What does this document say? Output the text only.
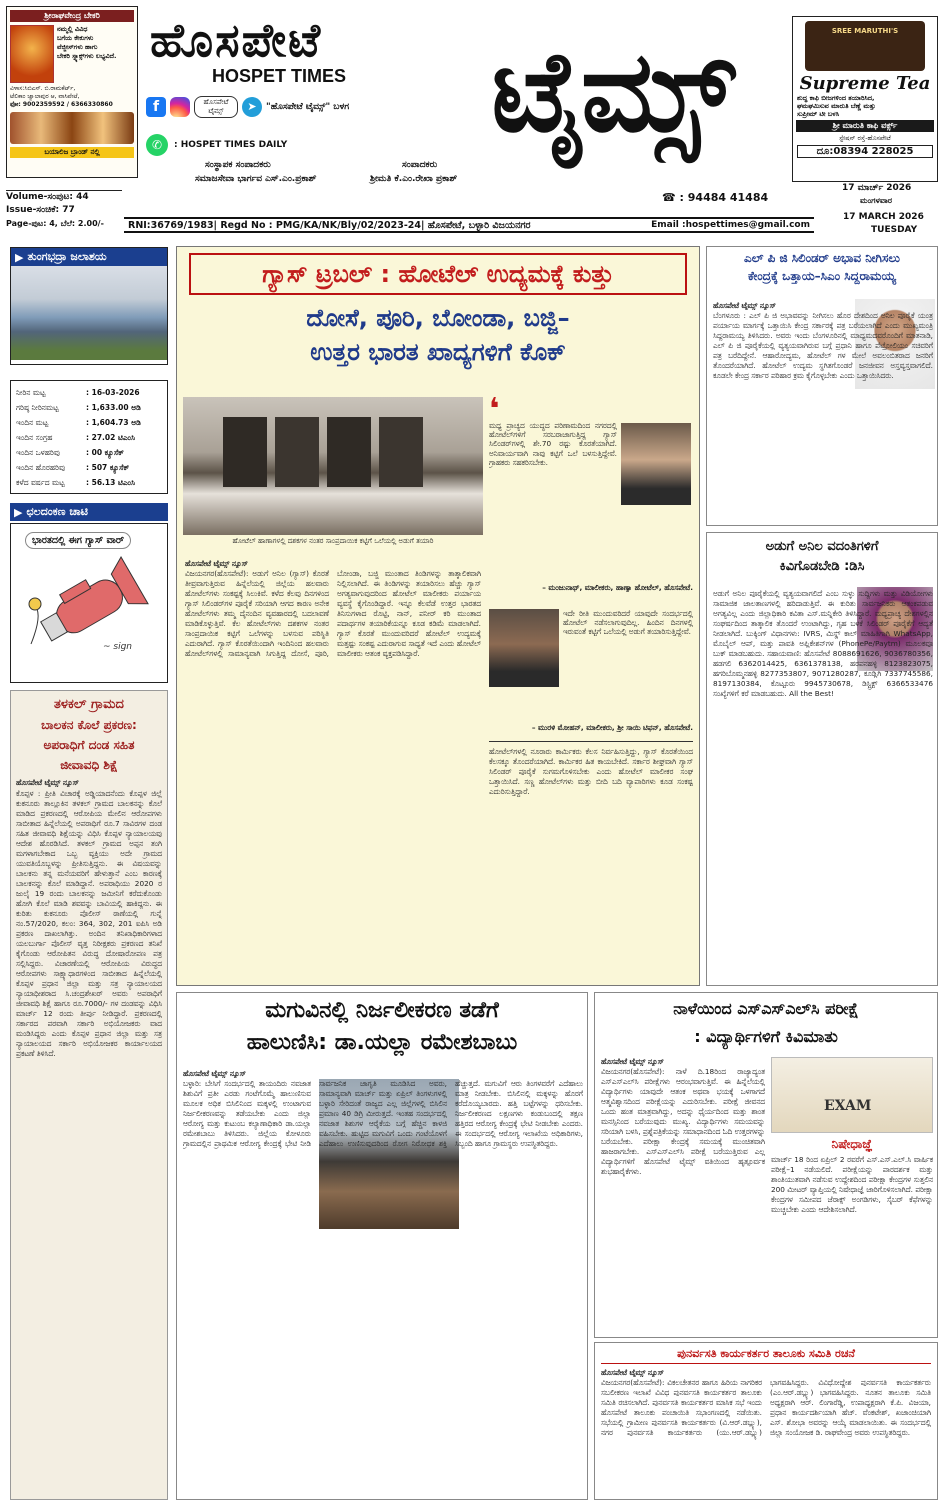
ಶ್ರೀರಾಘವೇಂದ್ರ ಬೇಕರಿ
ನಮ್ಮಲ್ಲಿ ವಿವಿಧ
ಬಗೆಯ ಕೇಕುಗಳು
ವೆಜ್ಜೀಸ್‌ಗಳು ಹಾಗು
ಬೇಕರಿ ಸ್ನ್ಯಾಕ್ಸ್‌ಗಳು ಲಭ್ಯವಿದೆ.
ವಿಳಾಸ:ಸಿಬಿಎಸ್. ಬಿ.ರಾಮಕೆರ್ಟ್,
ಟೆಲಿಕಾಂ ಜ್ವಾಲಾಪುರ ಆ, ವಾಸಿಪೇಟೆ,
ಫೋ: 9002359592 / 6366330860
ಬಯಾಲಿಜ ಬ್ರಾಂಡ್ ನಲ್ಲಿ
ಹೊಸಪೇಟೆ
HOSPET TIMES	ಟೈಮ್ಸ್
f	ಹೊಸಪೇಟೆ ಟೈಮ್ಸ್	➤	"ಹೊಸಪೇಟೆ ಟೈಮ್ಸ್" ಬಳಗ
✆	: HOSPET TIMES DAILY
ಸಂಸ್ಥಾಪಕ ಸಂಪಾದಕರು
ಸಮಾಜಸೇವಾ ಭಾರ್ಗವ ಎಸ್.ಎಂ.ಪ್ರಕಾಶ್
ಸಂಪಾದಕರು
ಶ್ರೀಮತಿ ಕೆ.ಎಂ.ರೇಖಾ ಪ್ರಕಾಶ್
☎ : 94484 41484
SREE MARUTHI'S
Supreme Tea
ಶುದ್ಧ ಕಾಫಿ ಬೀಜಗಳಿಂದ ತಯಾರಿಸಿದ,
ಘಮಘಮಿಸುವ ಮಾರುತಿ ಬೆಣ್ಣೆ ಮತ್ತು
ಸುಪ್ರೀಮ್ ಟೀ ಬಳಸಿ
ಶ್ರೀ ಮಾರುತಿ ಕಾಫಿ ವರ್ಕ್ಸ್
ಸ್ಟೇಷನ್ ರಸ್ತೆ-ಹೊಸಪೇಟೆ
ದೂ:08394 228025
17 ಮಾರ್ಚ್ 2026
ಮಂಗಳವಾರ
Volume-ಸಂಪುಟ: 44
Issue-ಸಂಚಿಕೆ: 77
Page-ಪುಟ: 4, ಬೆಲೆ: 2.00/-	RNI:36769/1983| Regd No : PMG/KA/NK/Bly/02/2023-24| ಹೊಸಪೇಟೆ, ಬಳ್ಳಾರಿ ವಿಜಯನಗರ	Email :hospettimes@gmail.com
17 MARCH 2026
TUESDAY
▶ ತುಂಗಭದ್ರಾ ಜಲಾಶಯ
ನೀರಿನ ಮಟ್ಟ	: 16-03-2026
ಗರಿಷ್ಠ ನೀರಿನಮಟ್ಟ	: 1,633.00 ಅಡಿ
ಇಂದಿನ ಮಟ್ಟ	: 1,604.73 ಅಡಿ
ಇಂದಿನ ಸಂಗ್ರಹ	: 27.02 ಟಿಎಂಸಿ
ಇಂದಿನ ಒಳಹರಿವು	: 00 ಕ್ಯೂಸೆಕ್
ಇಂದಿನ ಹೊರಹರಿವು	: 507 ಕ್ಯೂಸೆಕ್
ಕಳೆದ ವರ್ಷದ ಮಟ್ಟ	: 56.13 ಟಿಎಂಸಿ
▶ ಛಲದಂಕಣ ಚಾಟಿ
ಭಾರತದಲ್ಲಿ ಈಗ ಗ್ಯಾಸ್ ವಾರ್
~ sign
ತಳಕಲ್ ಗ್ರಾಮದ
ಬಾಲಕನ ಕೊಲೆ ಪ್ರಕರಣ:
ಅಪರಾಧಿಗೆ ದಂಡ ಸಹಿತ
ಜೀವಾವಧಿ ಶಿಕ್ಷೆ
ಹೊಸಪೇಟೆ ಟೈಮ್ಸ್ ನ್ಯೂಸ್
ಕೊಪ್ಪಳ : ಪ್ರೀತಿ ವಿಚಾರಕ್ಕೆ ಅಡ್ಡಿಯಾದನೆಂದು ಕೊಪ್ಪಳ ಜಿಲ್ಲೆ ಕುಕನೂರು ತಾಲ್ಲೂಕಿನ ತಳಕಲ್ ಗ್ರಾಮದ ಬಾಲಕನನ್ನು ಕೊಲೆ ಮಾಡಿದ ಪ್ರಕರಣದಲ್ಲಿ ಆರೋಪಿಯ ಮೇಲಿನ ಆರೋಪಗಳು ಸಾಬೀತಾದ ಹಿನ್ನೆಲೆಯಲ್ಲಿ ಅಪರಾಧಿಗೆ ರೂ.7 ಸಾವಿರಗಳ ದಂಡ ಸಹಿತ ಜೀವಾವಧಿ ಶಿಕ್ಷೆಯನ್ನು ವಿಧಿಸಿ ಕೊಪ್ಪಳ ನ್ಯಾಯಾಲಯವು ಆದೇಶ ಹೊರಡಿಸಿದೆ. ತಳಕಲ್ ಗ್ರಾಮದ ಅಪ್ಪನ ತಂಗಿ ಮಗಳಾಗಬೇಕಾದ ಒಬ್ಬ ವ್ಯಕ್ತಿಯು ಅದೇ ಗ್ರಾಮದ ಯುವತಿಯೊಬ್ಬಳನ್ನು ಪ್ರೀತಿಸುತ್ತಿದ್ದನು. ಈ ವಿಷಯವನ್ನು ಬಾಲಕನು ತನ್ನ ಮನೆಯವರಿಗೆ ಹೇಳುತ್ತಾನೆ ಎಂಬ ಕಾರಣಕ್ಕೆ ಬಾಲಕನನ್ನು ಕೊಲೆ ಮಾಡಿದ್ದಾನೆ. ಅಪರಾಧಿಯು 2020 ರ ಜುಲೈ 19 ರಂದು ಬಾಲಕನನ್ನು ಜಮೀನಿಗೆ ಕರೆದುಕೊಂಡು ಹೋಗಿ ಕೊಲೆ ಮಾಡಿ ಶವವನ್ನು ಬಾವಿಯಲ್ಲಿ ಹಾಕಿದ್ದನು. ಈ ಕುರಿತು ಕುಕನೂರು ಪೊಲೀಸ್ ಠಾಣೆಯಲ್ಲಿ ಗುನ್ನೆ ನಂ.57/2020, ಕಲಂ: 364, 302, 201 ಐಪಿಸಿ ಅಡಿ ಪ್ರಕರಣ ದಾಖಲಾಗಿತ್ತು. ಅಂದಿನ ತನಿಖಾಧಿಕಾರಿಗಳಾದ ಯಲಬುರ್ಗಾ ಪೊಲೀಸ್ ವೃತ್ತ ನಿರೀಕ್ಷಕರು ಪ್ರಕರಣದ ತನಿಖೆ ಕೈಗೊಂಡು ಆರೋಪಿತನ ವಿರುದ್ಧ ದೋಷಾರೋಪಣ ಪತ್ರ ಸಲ್ಲಿಸಿದ್ದರು. ವಿಚಾರಣೆಯಲ್ಲಿ ಆರೋಪಿಯ ವಿರುದ್ಧದ ಆರೋಪಗಳು ಸಾಕ್ಷ್ಯಾಧಾರಗಳಿಂದ ಸಾಬೀತಾದ ಹಿನ್ನೆಲೆಯಲ್ಲಿ ಕೊಪ್ಪಳ ಪ್ರಧಾನ ಜಿಲ್ಲಾ ಮತ್ತು ಸತ್ರ ನ್ಯಾಯಾಲಯದ ನ್ಯಾಯಾಧೀಶರಾದ ಸಿ.ಚಂದ್ರಶೇಖರ್ ಅವರು ಅಪರಾಧಿಗೆ ಜೀವಾವಧಿ ಶಿಕ್ಷೆ ಹಾಗೂ ರೂ.7000/- ಗಳ ದಂಡವನ್ನು ವಿಧಿಸಿ ಮಾರ್ಚ್ 12 ರಂದು ತೀರ್ಪು ನೀಡಿದ್ದಾರೆ. ಪ್ರಕರಣದಲ್ಲಿ ಸರ್ಕಾರದ ಪರವಾಗಿ ಸರ್ಕಾರಿ ಅಭಿಯೋಜಕರು ವಾದ ಮಂಡಿಸಿದ್ದರು ಎಂದು ಕೊಪ್ಪಳ ಪ್ರಧಾನ ಜಿಲ್ಲಾ ಮತ್ತು ಸತ್ರ ನ್ಯಾಯಾಲಯದ ಸರ್ಕಾರಿ ಅಭಿಯೋಜಕರ ಕಾರ್ಯಾಲಯದ ಪ್ರಕಟಣೆ ತಿಳಿಸಿದೆ.
ಗ್ಯಾಸ್ ಟ್ರಬಲ್ : ಹೋಟೆಲ್ ಉದ್ಯಮಕ್ಕೆ ಕುತ್ತು
ದೋಸೆ, ಪೂರಿ, ಬೋಂಡಾ, ಬಜ್ಜಿ–
ಉತ್ತರ ಭಾರತ ಖಾದ್ಯಗಳಿಗೆ ಕೊಕ್
ಹೋಟೆಲ್ ಹಾಣಾಗಳಲ್ಲಿ ದಶಕಗಳ ನಂತರ ಸಾಂಪ್ರದಾಯಿಕ ಕಟ್ಟಿಗೆ ಒಲೆಯಲ್ಲಿ ಅಡುಗೆ ತಯಾರಿ
❛
ಮಧ್ಯ ಪ್ರಾಚ್ಯದ ಯುದ್ಧದ ಪರಿಣಾಮದಿಂದ ನಗರದಲ್ಲಿ ಹೋಟೆಲ್‌ಗಳಿಗೆ ಸರಬರಾಜಾಗುತ್ತಿದ್ದ ಗ್ಯಾಸ್ ಸಿಲಿಂಡರ್‌ಗಳಲ್ಲಿ ಶೇ.70 ರಷ್ಟು ಕೊರತೆಯಾಗಿದೆ. ಅನಿವಾರ್ಯವಾಗಿ ನಾವು ಕಟ್ಟಿಗೆ ಒಲೆ ಬಳಸುತ್ತಿದ್ದೇವೆ. ಗ್ರಾಹಕರು ಸಹಕರಿಸಬೇಕು.
– ಮಂಜುನಾಥ್, ಮಾಲೀಕರು, ಹಾಣ್ಯಾ ಹೋಟೆಲ್, ಹೊಸಪೇಟೆ.
ಹೊಸಪೇಟೆ ಟೈಮ್ಸ್ ನ್ಯೂಸ್
ವಿಜಯನಗರ(ಹೊಸಪೇಟೆ): ಅಡುಗೆ ಅನಿಲ (ಗ್ಯಾಸ್) ಕೊರತೆ ತೀವ್ರವಾಗುತ್ತಿರುವ ಹಿನ್ನೆಲೆಯಲ್ಲಿ ಜಿಲ್ಲೆಯ ಹಲವಾರು ಹೋಟೆಲ್‌ಗಳು ಸಂಕಷ್ಟಕ್ಕೆ ಸಿಲುಕಿವೆ. ಕಳೆದ ಕೆಲವು ದಿನಗಳಿಂದ ಗ್ಯಾಸ್ ಸಿಲಿಂಡರ್‌ಗಳ ಪೂರೈಕೆ ಸರಿಯಾಗಿ ಆಗದ ಕಾರಣ ಅನೇಕ ಹೋಟೆಲ್‌ಗಳು ತಮ್ಮ ದೈನಂದಿನ ವ್ಯವಹಾರದಲ್ಲಿ ಬದಲಾವಣೆ ಮಾಡಿಕೊಳ್ಳುತ್ತಿವೆ. ಕೆಲ ಹೋಟೆಲ್‌ಗಳು ದಶಕಗಳ ನಂತರ ಸಾಂಪ್ರದಾಯಿಕ ಕಟ್ಟಿಗೆ ಒಲೆಗಳನ್ನು ಬಳಸುವ ಪರಿಸ್ಥಿತಿ ಎದುರಾಗಿದೆ. ಗ್ಯಾಸ್ ಕೊರತೆಯಿಂದಾಗಿ ಇಂದಿನಿಂದ ಹಲವಾರು ಹೋಟೆಲ್‌ಗಳಲ್ಲಿ ಸಾಮಾನ್ಯವಾಗಿ ಸಿಗುತ್ತಿದ್ದ ದೋಸೆ, ಪೂರಿ, ಬೋಂಡಾ, ಬಜ್ಜಿ ಮುಂತಾದ ತಿಂಡಿಗಳನ್ನು ತಾತ್ಕಾಲಿಕವಾಗಿ ನಿಲ್ಲಿಸಲಾಗಿದೆ. ಈ ತಿಂಡಿಗಳನ್ನು ತಯಾರಿಸಲು ಹೆಚ್ಚು ಗ್ಯಾಸ್ ಅಗತ್ಯವಾಗುವುದರಿಂದ ಹೋಟೆಲ್ ಮಾಲೀಕರು ಪರ್ಯಾಯ ವ್ಯವಸ್ಥೆ ಕೈಗೊಂಡಿದ್ದಾರೆ. ಇನ್ನೂ ಕೆಲವೆಡೆ ಉತ್ತರ ಭಾರತದ ತಿನಿಸುಗಳಾದ ರೊಟ್ಟಿ, ನಾನ್, ಪನೀರ್ ಕರಿ ಮುಂತಾದ ಪದಾರ್ಥಗಳ ತಯಾರಿಕೆಯನ್ನೂ ಕೂಡ ಕಡಿಮೆ ಮಾಡಲಾಗಿದೆ. ಗ್ಯಾಸ್ ಕೊರತೆ ಮುಂದುವರಿದರೆ ಹೋಟೆಲ್ ಉದ್ಯಮಕ್ಕೆ ಮತ್ತಷ್ಟು ಸಂಕಷ್ಟ ಎದುರಾಗುವ ಸಾಧ್ಯತೆ ಇದೆ ಎಂದು ಹೋಟೆಲ್ ಮಾಲೀಕರು ಆತಂಕ ವ್ಯಕ್ತಪಡಿಸಿದ್ದಾರೆ.
ಇದೇ ರೀತಿ ಮುಂದುವರಿದರೆ ಯಾವುದೇ ಸಂದರ್ಭದಲ್ಲಿ ಹೋಟೆಲ್ ನಡೆಸಲಾಗುವುದಿಲ್ಲ. ಹಿಂದಿನ ದಿನಗಳಲ್ಲಿ ಇರುವಂತೆ ಕಟ್ಟಿಗೆ ಒಲೆಯಲ್ಲಿ ಅಡುಗೆ ತಯಾರಿಸುತ್ತಿದ್ದೇವೆ.
– ಮುರಳಿ ಮೋಹನ್, ಮಾಲೀಕರು, ಶ್ರೀ ಸಾಯಿ ಟಿಫನ್, ಹೊಸಪೇಟೆ.
ಹೋಟೆಲ್‌ಗಳಲ್ಲಿ ನೂರಾರು ಕಾರ್ಮಿಕರು ಕೆಲಸ ನಿರ್ವಹಿಸುತ್ತಿದ್ದು, ಗ್ಯಾಸ್ ಕೊರತೆಯಿಂದ ಕೆಲಸಕ್ಕೂ ತೊಂದರೆಯಾಗಿದೆ. ಕಾರ್ಮಿಕರ ಹಿತ ಕಾಯಬೇಕಿದೆ. ಸರ್ಕಾರ ಶೀಘ್ರವಾಗಿ ಗ್ಯಾಸ್ ಸಿಲಿಂಡರ್ ಪೂರೈಕೆ ಸುಗಮಗೊಳಿಸಬೇಕು ಎಂದು ಹೋಟೆಲ್ ಮಾಲೀಕರ ಸಂಘ ಒತ್ತಾಯಿಸಿದೆ. ಸಣ್ಣ ಹೋಟೆಲ್‌ಗಳು ಮತ್ತು ಬೀದಿ ಬದಿ ವ್ಯಾಪಾರಿಗಳು ಕೂಡ ಸಂಕಷ್ಟ ಎದುರಿಸುತ್ತಿದ್ದಾರೆ.
ಎಲ್ ಪಿ ಜಿ ಸಿಲಿಂಡರ್ ಅಭಾವ ನೀಗಿಸಲು
ಕೇಂದ್ರಕ್ಕೆ ಒತ್ತಾಯ–ಸಿಎಂ ಸಿದ್ದರಾಮಯ್ಯ
ಹೊಸಪೇಟೆ ಟೈಮ್ಸ್ ನ್ಯೂಸ್
ಬೆಂಗಳೂರು : ಎಲ್ ಪಿ ಜಿ ಅಭಾವವನ್ನು ನೀಗಿಸಲು ಹೊರ ದೇಶದಿಂದ ಅನಿಲ ಪೂರೈಕೆ ಯಂತ್ರ ಪರ್ಯಾಯ ಮಾರ್ಗಕ್ಕೆ ಒತ್ತಾಯಿಸಿ ಕೇಂದ್ರ ಸರ್ಕಾರಕ್ಕೆ ಪತ್ರ ಬರೆಯಲಾಗಿದೆ ಎಂದು ಮುಖ್ಯಮಂತ್ರಿ ಸಿದ್ದರಾಮಯ್ಯ ತಿಳಿಸಿದರು. ಅವರು ಇಂದು ಬೆಂಗಳೂರಿನಲ್ಲಿ ಮಾಧ್ಯಮದವರೊಂದಿಗೆ ಮಾತನಾಡಿ, ಎಲ್ ಪಿ ಜಿ ಪೂರೈಕೆಯಲ್ಲಿ ವ್ಯತ್ಯಯವಾಗಿರುವ ಬಗ್ಗೆ ಪ್ರಧಾನಿ ಹಾಗೂ ಪೆಟ್ರೋಲಿಯಂ ಸಚಿವರಿಗೆ ಪತ್ರ ಬರೆದಿದ್ದೇನೆ. ಆಹಾರೋದ್ಯಮ, ಹೋಟೆಲ್ ಗಳ ಮೇಲೆ ಅವಲಂಬಿತರಾದ ಜನರಿಗೆ ತೊಂದರೆಯಾಗಿದೆ. ಹೋಟೆಲ್ ಉದ್ಯಮ ಸ್ಥಗಿತಗೊಂಡರೆ ಜನಜೀವನ ಅಸ್ತವ್ಯಸ್ತವಾಗಲಿದೆ. ಕೂಡಲೇ ಕೇಂದ್ರ ಸರ್ಕಾರ ಪರಿಹಾರ ಕ್ರಮ ಕೈಗೊಳ್ಳಬೇಕು ಎಂದು ಒತ್ತಾಯಿಸಿದರು.
ಅಡುಗೆ ಅನಿಲ ವದಂತಿಗಳಿಗೆ
ಕಿವಿಗೊಡಬೇಡಿ :ಡಿಸಿ
ಅಡುಗೆ ಅನಿಲ ಪೂರೈಕೆಯಲ್ಲಿ ವ್ಯತ್ಯಯವಾಗಲಿದೆ ಎಂಬ ಸುಳ್ಳು ಸುದ್ದಿಗಳು ಮತ್ತು ವಿಡಿಯೋಗಳು ಸಾಮಾಜಿಕ ಜಾಲತಾಣಗಳಲ್ಲಿ ಹರಿದಾಡುತ್ತಿವೆ. ಈ ಕುರಿತು ಸಾರ್ವಜನಿಕರು ಆತಂಕಪಡುವ ಅಗತ್ಯವಿಲ್ಲ ಎಂದು ಜಿಲ್ಲಾಧಿಕಾರಿ ಕವಿತಾ ಎಸ್.ಮನ್ನಿಕೇರಿ ತಿಳಿಸಿದ್ದಾರೆ. ಮಧ್ಯಪ್ರಾಚ್ಯ ದೇಶಗಳಲ್ಲಿನ ಸಂಘರ್ಷದಿಂದ ತಾತ್ಕಾಲಿಕ ತೊಂದರೆ ಉಂಟಾಗಿದ್ದು, ಗೃಹ ಬಳಕೆ ಸಿಲಿಂಡರ್ ಪೂರೈಕೆಗೆ ಆದ್ಯತೆ ನೀಡಲಾಗಿದೆ. ಬುಕ್ಕಿಂಗ್ ವಿಧಾನಗಳು: IVRS, ಮಿಸ್ಡ್ ಕಾಲ್ ಮಾಹಿತಿಗಾಗಿ WhatsApp, ಮೊಬೈಲ್ ಆಪ್, ಮತ್ತು ಪಾವತಿ ಅಪ್ಲಿಕೇಶನ್‌ಗಳ (PhonePe/Paytm) ಮೂಲಕವೂ ಬುಕ್ ಮಾಡಬಹುದು. ಸಹಾಯವಾಣಿ: ಹೊಸಪೇಟೆ 8088691626, 9036780356, ಹಡಗಲಿ 6362014425, 6361378138, ಹರಪನಹಳ್ಳಿ 8123823075, ಹಗರಿಬೊಮ್ಮನಹಳ್ಳಿ 8277353807, 9071280287, ಕೂಡ್ಲಿಗಿ 7337745586, 8197130384, ಕೊಟ್ಟೂರು 9945730678, ಡಿಸ್ಟ್ರಿಕ್ಟ್ 6366533476 ಸಂಖ್ಯೆಗಳಿಗೆ ಕರೆ ಮಾಡಬಹುದು. All the Best!
ಮಗುವಿನಲ್ಲಿ ನಿರ್ಜಲೀಕರಣ ತಡೆಗೆ
ಹಾಲುಣಿಸಿ: ಡಾ.ಯಲ್ಲಾ ರಮೇಶಬಾಬು
ಹೊಸಪೇಟೆ ಟೈಮ್ಸ್ ನ್ಯೂಸ್
ಬಳ್ಳಾರಿ: ಬೇಸಿಗೆ ಸಂದರ್ಭದಲ್ಲಿ ತಾಯಂದಿರು ನವಜಾತ ಶಿಶುವಿಗೆ ಪ್ರತೀ ಎರಡು ಗಂಟೆಗೊಮ್ಮೆ ಹಾಲುಣಿಸುವ ಮೂಲಕ ಅಧಿಕ ಬಿಸಿಲಿನಿಂದ ಮಕ್ಕಳಲ್ಲಿ ಉಂಟಾಗುವ ನಿರ್ಜಲೀಕರಣವನ್ನು ತಡೆಯಬೇಕು ಎಂದು ಜಿಲ್ಲಾ ಆರೋಗ್ಯ ಮತ್ತು ಕುಟುಂಬ ಕಲ್ಯಾಣಾಧಿಕಾರಿ ಡಾ.ಯಲ್ಲಾ ರಮೇಶಬಾಬು ತಿಳಿಸಿದರು. ಜಿಲ್ಲೆಯ ಕೋಳೂರು ಗ್ರಾಮದಲ್ಲಿನ ಪ್ರಾಥಮಿಕ ಆರೋಗ್ಯ ಕೇಂದ್ರಕ್ಕೆ ಭೇಟಿ ನೀಡಿ ಸಾರ್ವಜನಿಕ ಜಾಗೃತಿ ಮೂಡಿಸಿದ ಅವರು, ಸಾಮಾನ್ಯವಾಗಿ ಮಾರ್ಚ್ ಮತ್ತು ಏಪ್ರಿಲ್ ತಿಂಗಳುಗಳಲ್ಲಿ ಬಳ್ಳಾರಿ ಸೇರಿದಂತೆ ರಾಜ್ಯದ ಎಲ್ಲ ಜಿಲ್ಲೆಗಳಲ್ಲಿ ಬಿಸಿಲಿನ ಪ್ರಮಾಣ 40 ಡಿಗ್ರಿ ಮೀರುತ್ತದೆ. ಇಂತಹ ಸಂದರ್ಭದಲ್ಲಿ ನವಜಾತ ಶಿಶುಗಳ ಆರೈಕೆಯ ಬಗ್ಗೆ ಹೆಚ್ಚಿನ ಕಾಳಜಿ ವಹಿಸಬೇಕು. ಹುಟ್ಟಿದ ಮಗುವಿಗೆ ಒಂದು ಗಂಟೆಯೊಳಗೆ ಎದೆಹಾಲು ಉಣಿಸುವುದರಿಂದ ರೋಗ ನಿರೋಧಕ ಶಕ್ತಿ ಹೆಚ್ಚುತ್ತದೆ. ಮಗುವಿಗೆ ಆರು ತಿಂಗಳವರೆಗೆ ಎದೆಹಾಲು ಮಾತ್ರ ನೀಡಬೇಕು. ಬಿಸಿಲಿನಲ್ಲಿ ಮಕ್ಕಳನ್ನು ಹೊರಗೆ ಕರೆದೊಯ್ಯಬಾರದು. ಹತ್ತಿ ಬಟ್ಟೆಗಳನ್ನು ಧರಿಸಬೇಕು. ನಿರ್ಜಲೀಕರಣದ ಲಕ್ಷಣಗಳು ಕಂಡುಬಂದಲ್ಲಿ ತಕ್ಷಣ ಹತ್ತಿರದ ಆರೋಗ್ಯ ಕೇಂದ್ರಕ್ಕೆ ಭೇಟಿ ನೀಡಬೇಕು ಎಂದರು. ಈ ಸಂದರ್ಭದಲ್ಲಿ ಆರೋಗ್ಯ ಇಲಾಖೆಯ ಅಧಿಕಾರಿಗಳು, ಸಿಬ್ಬಂದಿ ಹಾಗೂ ಗ್ರಾಮಸ್ಥರು ಉಪಸ್ಥಿತರಿದ್ದರು.
ನಾಳೆಯಿಂದ ಎಸ್‌ಎಸ್‌ಎಲ್‌ಸಿ ಪರೀಕ್ಷೆ
: ವಿದ್ಯಾರ್ಥಿಗಳಿಗೆ ಕಿವಿಮಾತು
ಹೊಸಪೇಟೆ ಟೈಮ್ಸ್ ನ್ಯೂಸ್
ವಿಜಯನಗರ(ಹೊಸಪೇಟೆ): ನಾಳೆ ದಿ.18ರಿಂದ ರಾಜ್ಯಾದ್ಯಂತ ಎಸ್‌ಎಸ್‌ಎಲ್‌ಸಿ ಪರೀಕ್ಷೆಗಳು ಆರಂಭವಾಗುತ್ತಿವೆ. ಈ ಹಿನ್ನೆಲೆಯಲ್ಲಿ ವಿದ್ಯಾರ್ಥಿಗಳು ಯಾವುದೇ ಆತಂಕ ಅಥವಾ ಭಯಕ್ಕೆ ಒಳಗಾಗದೆ ಆತ್ಮವಿಶ್ವಾಸದಿಂದ ಪರೀಕ್ಷೆಯನ್ನು ಎದುರಿಸಬೇಕು. ಪರೀಕ್ಷೆ ಜೀವನದ ಒಂದು ಹಂತ ಮಾತ್ರವಾಗಿದ್ದು, ಅದನ್ನು ಧೈರ್ಯದಿಂದ ಮತ್ತು ಶಾಂತ ಮನಸ್ಸಿನಿಂದ ಬರೆಯುವುದು ಮುಖ್ಯ. ವಿದ್ಯಾರ್ಥಿಗಳು ಸಮಯವನ್ನು ಸರಿಯಾಗಿ ಬಳಸಿ, ಪ್ರಶ್ನೆಪತ್ರಿಕೆಯನ್ನು ಸಮಾಧಾನದಿಂದ ಓದಿ ಉತ್ತರಗಳನ್ನು ಬರೆಯಬೇಕು. ಪರೀಕ್ಷಾ ಕೇಂದ್ರಕ್ಕೆ ಸಮಯಕ್ಕೆ ಮುಂಚಿತವಾಗಿ ಹಾಜರಾಗಬೇಕು. ಎಸ್‌ಎಸ್‌ಎಲ್‌ಸಿ ಪರೀಕ್ಷೆ ಬರೆಯುತ್ತಿರುವ ಎಲ್ಲ ವಿದ್ಯಾರ್ಥಿಗಳಿಗೆ ಹೊಸಪೇಟೆ ಟೈಮ್ಸ್ ವತಿಯಿಂದ ಹೃತ್ಪೂರ್ವಕ ಶುಭಹಾರೈಕೆಗಳು.
EXAM
ನಿಷೇಧಾಜ್ಞೆ
ಮಾರ್ಚ್ 18 ರಿಂದ ಏಪ್ರಿಲ್ 2 ರವರೆಗೆ ಎಸ್.ಎಸ್.ಎಲ್.ಸಿ ವಾರ್ಷಿಕ ಪರೀಕ್ಷೆ–1 ನಡೆಯಲಿದೆ. ಪರೀಕ್ಷೆಯನ್ನು ಪಾರದರ್ಶಕ ಮತ್ತು ಶಾಂತಿಯುತವಾಗಿ ನಡೆಸುವ ಉದ್ದೇಶದಿಂದ ಪರೀಕ್ಷಾ ಕೇಂದ್ರಗಳ ಸುತ್ತಲಿನ 200 ಮೀಟರ್ ವ್ಯಾಪ್ತಿಯಲ್ಲಿ ನಿಷೇಧಾಜ್ಞೆ ಜಾರಿಗೊಳಿಸಲಾಗಿದೆ. ಪರೀಕ್ಷಾ ಕೇಂದ್ರಗಳ ಸಮೀಪದ ಜೆರಾಕ್ಸ್ ಅಂಗಡಿಗಳು, ಸೈಬರ್ ಕೆಫೆಗಳನ್ನು ಮುಚ್ಚಬೇಕು ಎಂದು ಆದೇಶಿಸಲಾಗಿದೆ.
ಪುನರ್ವಸತಿ ಕಾರ್ಯಕರ್ತರ ತಾಲೂಕು ಸಮಿತಿ ರಚನೆ
ಹೊಸಪೇಟೆ ಟೈಮ್ಸ್ ನ್ಯೂಸ್
ವಿಜಯನಗರ(ಹೊಸಪೇಟೆ): ವಿಕಲಚೇತನರ ಹಾಗೂ ಹಿರಿಯ ನಾಗರಿಕರ ಸಬಲೀಕರಣ ಇಲಾಖೆ ವಿವಿಧ ಪುನರ್ವಸತಿ ಕಾರ್ಯಕರ್ತರ ತಾಲೂಕು ಸಮಿತಿ ರಚಿಸಲಾಗಿದೆ. ಪುನರ್ವಸತಿ ಕಾರ್ಯಕರ್ತರ ಮಾಸಿಕ ಸಭೆ ಇಂದು ಹೊಸಪೇಟೆ ತಾಲೂಕು ಪಂಚಾಯಿತಿ ಸಭಾಂಗಣದಲ್ಲಿ ನಡೆಯಿತು. ಸಭೆಯಲ್ಲಿ ಗ್ರಾಮೀಣ ಪುನರ್ವಸತಿ ಕಾರ್ಯಕರ್ತರು (ವಿ.ಆರ್.ಡಬ್ಲ್ಯು), ನಗರ ಪುನರ್ವಸತಿ ಕಾರ್ಯಕರ್ತರು (ಯು.ಆರ್.ಡಬ್ಲ್ಯು) ಭಾಗವಹಿಸಿದ್ದರು. ವಿವಿಧೋದ್ದೇಶ ಪುನರ್ವಸತಿ ಕಾರ್ಯಕರ್ತರು (ಎಂ.ಆರ್.ಡಬ್ಲ್ಯು) ಭಾಗವಹಿಸಿದ್ದರು. ನೂತನ ತಾಲೂಕು ಸಮಿತಿ ಅಧ್ಯಕ್ಷರಾಗಿ ಆರ್. ಲಿಂಗಾರೆಡ್ಡಿ, ಉಪಾಧ್ಯಕ್ಷರಾಗಿ ಕೆ.ಪಿ. ವಿಜಯಾ, ಪ್ರಧಾನ ಕಾರ್ಯದರ್ಶಿಯಾಗಿ ಹೆಚ್. ವೆಂಕಟೇಶ್, ಖಜಾಂಚಿಯಾಗಿ ಎಸ್. ಶೋಭಾ ಅವರನ್ನು ಆಯ್ಕೆ ಮಾಡಲಾಯಿತು. ಈ ಸಂದರ್ಭದಲ್ಲಿ ಜಿಲ್ಲಾ ಸಂಯೋಜಕ ಡಿ. ರಾಘವೇಂದ್ರ ಅವರು ಉಪಸ್ಥಿತರಿದ್ದರು.
